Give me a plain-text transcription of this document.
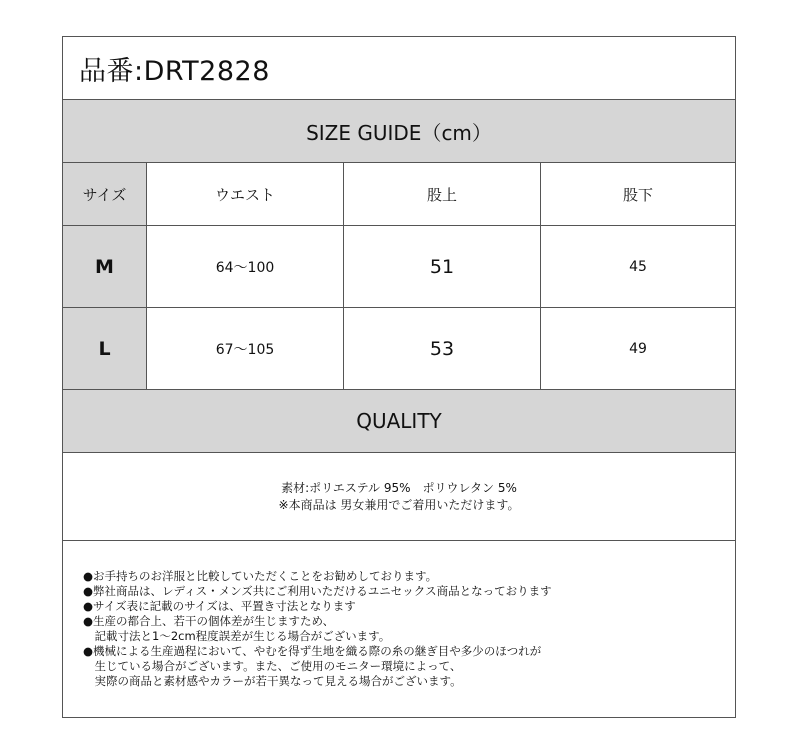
品番:DRT2828
SIZE GUIDE（cm）
サイズ	ウエスト	股上	股下
M	64〜100	51	45
L	67〜105	53	49
QUALITY
素材:ポリエステル 95%　ポリウレタン 5%
※本商品は 男女兼用でご着用いただけます。
●お手持ちのお洋服と比較していただくことをお勧めしております。
●弊社商品は、レディス・メンズ共にご利用いただけるユニセックス商品となっております
●サイズ表に記載のサイズは、平置き寸法となります
●生産の都合上、若干の個体差が生じますため、
　記載寸法と1〜2cm程度誤差が生じる場合がございます。
●機械による生産過程において、やむを得ず生地を織る際の糸の継ぎ目や多少のほつれが
　生じている場合がございます。また、ご使用のモニター環境によって、
　実際の商品と素材感やカラーが若干異なって見える場合がございます。
